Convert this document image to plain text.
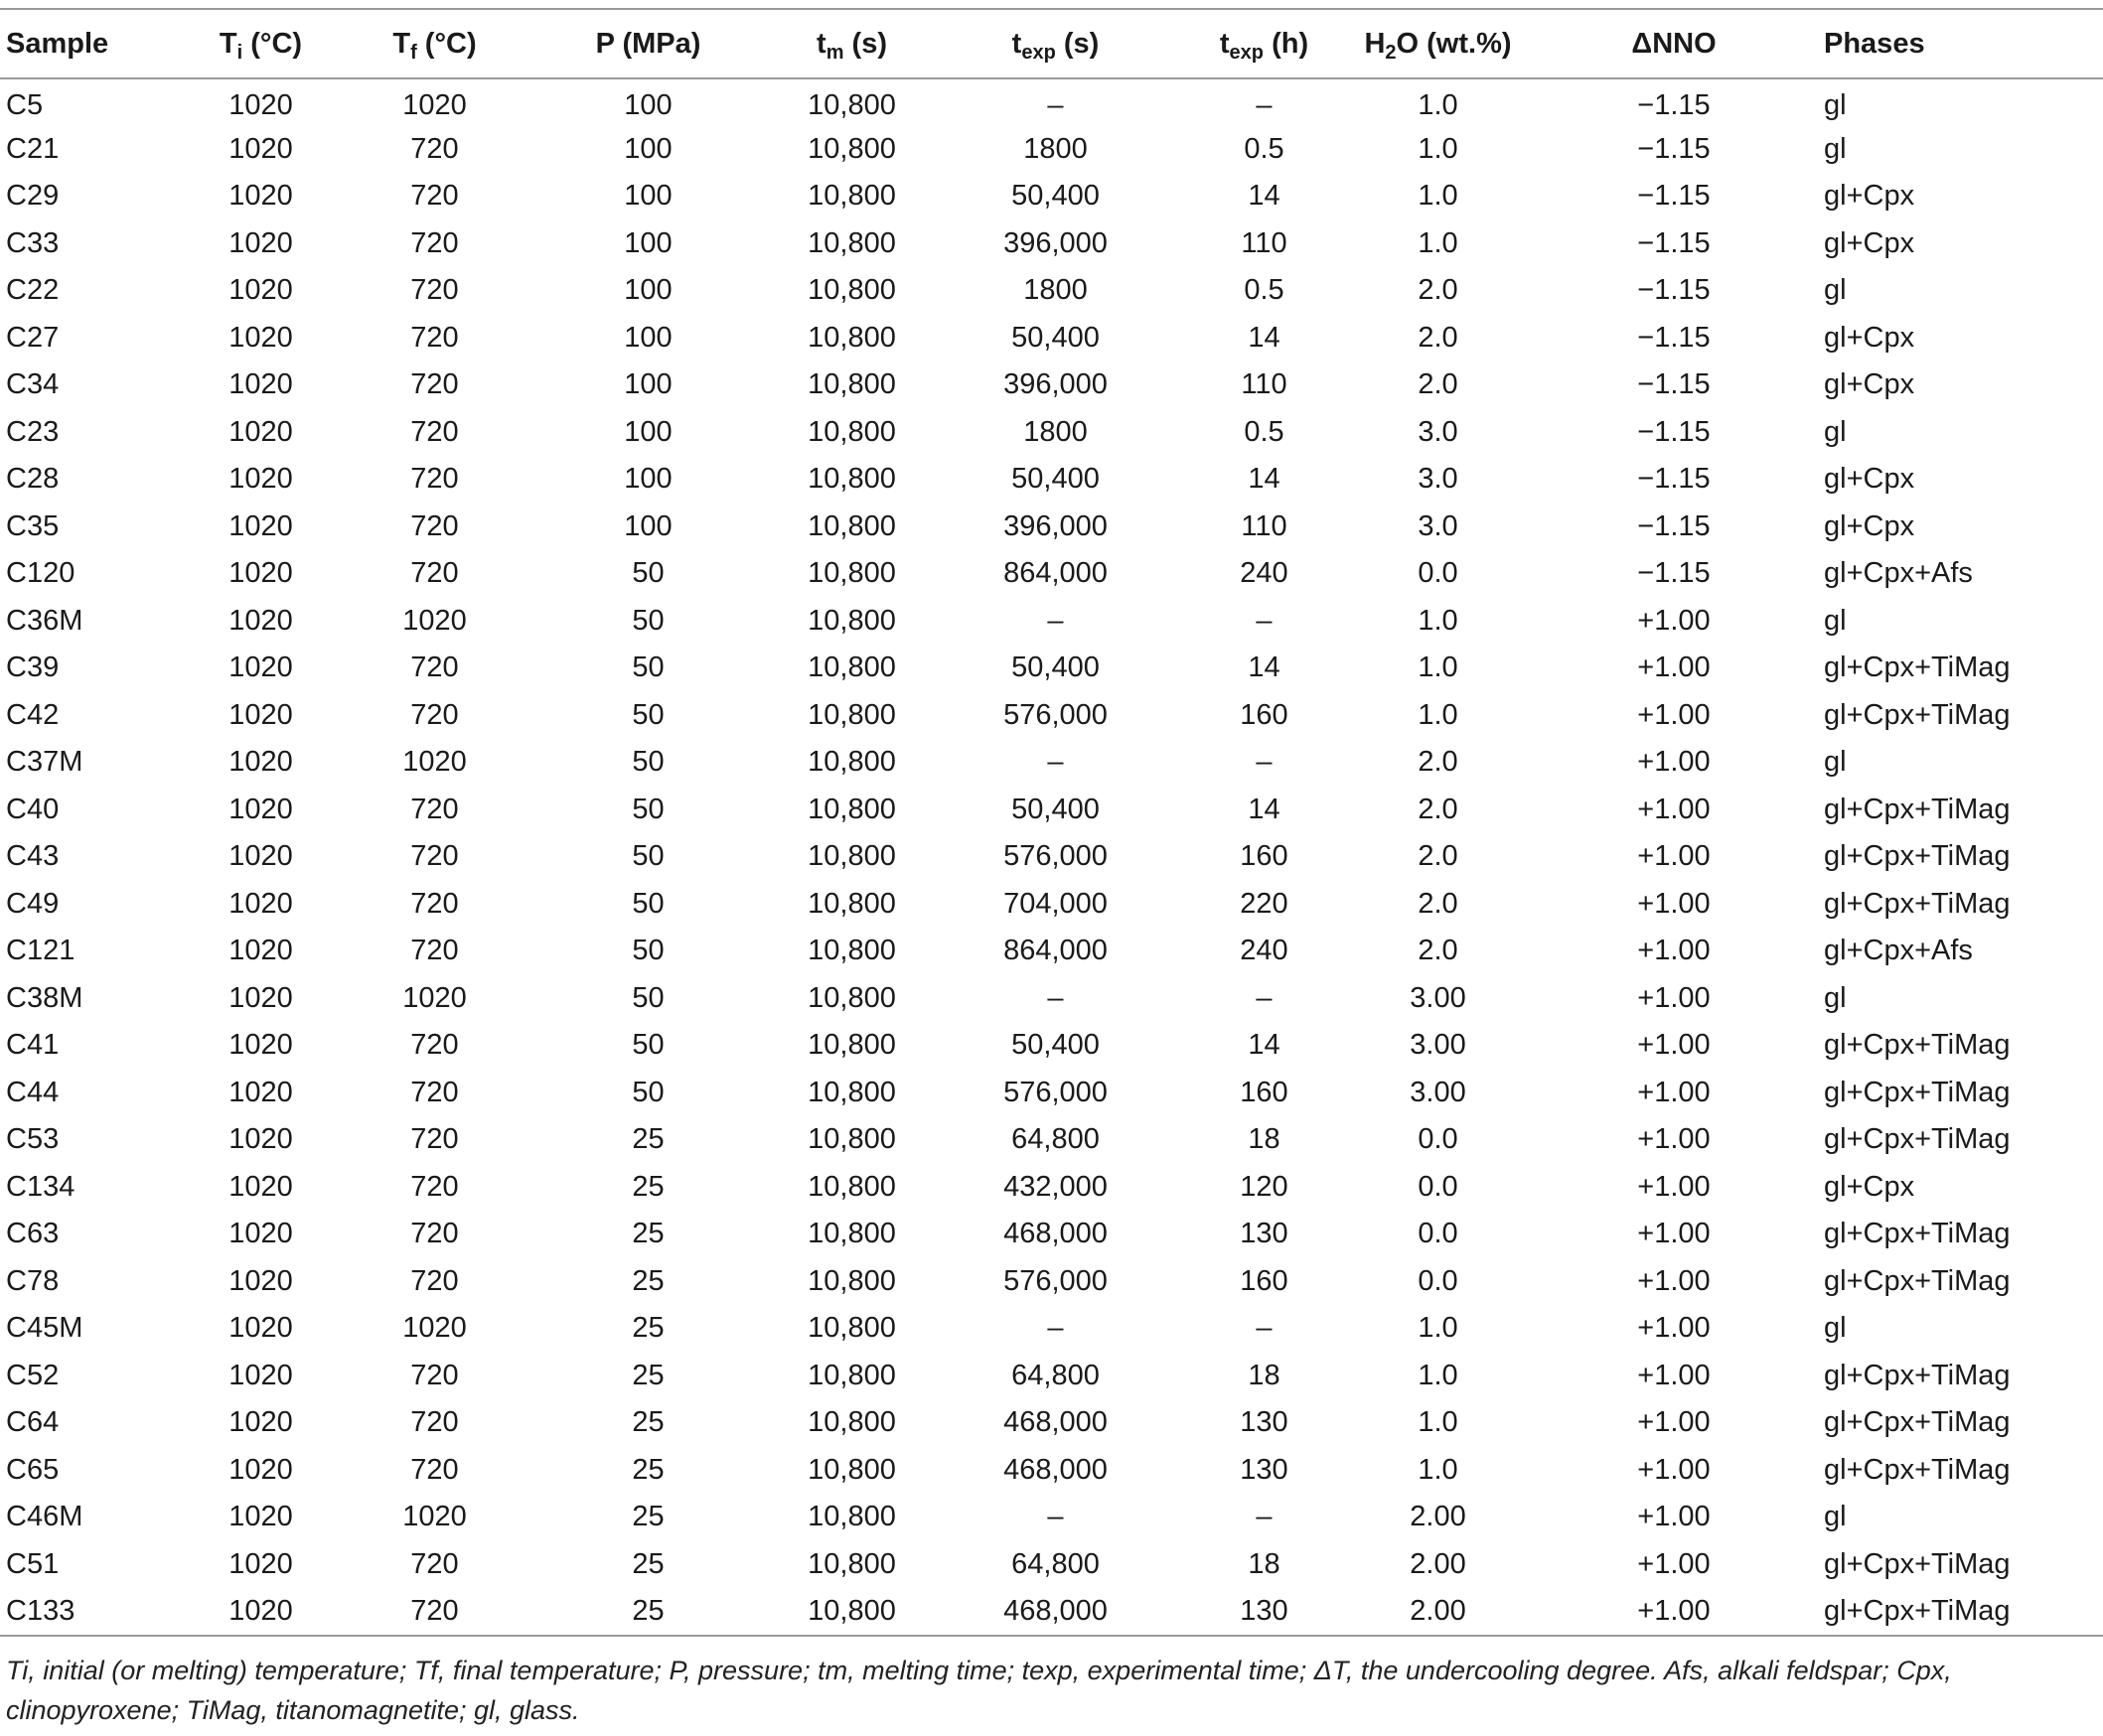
Sample	$T_i$ (°C)	$T_f$ (°C)	P (MPa)	$t_m$ (s)	$t_{exp}$ (s)	$t_{exp}$ (h)	$H_2O$ (wt.%)	ΔNNO	Phases
C5	1020	1020	100	10,800	–	–	1.0	−1.15	gl
C21	1020	720	100	10,800	1800	0.5	1.0	−1.15	gl
C29	1020	720	100	10,800	50,400	14	1.0	−1.15	gl+Cpx
C33	1020	720	100	10,800	396,000	110	1.0	−1.15	gl+Cpx
C22	1020	720	100	10,800	1800	0.5	2.0	−1.15	gl
C27	1020	720	100	10,800	50,400	14	2.0	−1.15	gl+Cpx
C34	1020	720	100	10,800	396,000	110	2.0	−1.15	gl+Cpx
C23	1020	720	100	10,800	1800	0.5	3.0	−1.15	gl
C28	1020	720	100	10,800	50,400	14	3.0	−1.15	gl+Cpx
C35	1020	720	100	10,800	396,000	110	3.0	−1.15	gl+Cpx
C120	1020	720	50	10,800	864,000	240	0.0	−1.15	gl+Cpx+Afs
C36M	1020	1020	50	10,800	–	–	1.0	+1.00	gl
C39	1020	720	50	10,800	50,400	14	1.0	+1.00	gl+Cpx+TiMag
C42	1020	720	50	10,800	576,000	160	1.0	+1.00	gl+Cpx+TiMag
C37M	1020	1020	50	10,800	–	–	2.0	+1.00	gl
C40	1020	720	50	10,800	50,400	14	2.0	+1.00	gl+Cpx+TiMag
C43	1020	720	50	10,800	576,000	160	2.0	+1.00	gl+Cpx+TiMag
C49	1020	720	50	10,800	704,000	220	2.0	+1.00	gl+Cpx+TiMag
C121	1020	720	50	10,800	864,000	240	2.0	+1.00	gl+Cpx+Afs
C38M	1020	1020	50	10,800	–	–	3.00	+1.00	gl
C41	1020	720	50	10,800	50,400	14	3.00	+1.00	gl+Cpx+TiMag
C44	1020	720	50	10,800	576,000	160	3.00	+1.00	gl+Cpx+TiMag
C53	1020	720	25	10,800	64,800	18	0.0	+1.00	gl+Cpx+TiMag
C134	1020	720	25	10,800	432,000	120	0.0	+1.00	gl+Cpx
C63	1020	720	25	10,800	468,000	130	0.0	+1.00	gl+Cpx+TiMag
C78	1020	720	25	10,800	576,000	160	0.0	+1.00	gl+Cpx+TiMag
C45M	1020	1020	25	10,800	–	–	1.0	+1.00	gl
C52	1020	720	25	10,800	64,800	18	1.0	+1.00	gl+Cpx+TiMag
C64	1020	720	25	10,800	468,000	130	1.0	+1.00	gl+Cpx+TiMag
C65	1020	720	25	10,800	468,000	130	1.0	+1.00	gl+Cpx+TiMag
C46M	1020	1020	25	10,800	–	–	2.00	+1.00	gl
C51	1020	720	25	10,800	64,800	18	2.00	+1.00	gl+Cpx+TiMag
C133	1020	720	25	10,800	468,000	130	2.00	+1.00	gl+Cpx+TiMag
Ti, initial (or melting) temperature; Tf, final temperature; P, pressure; tm, melting time; texp, experimental time; ΔT, the undercooling degree. Afs, alkali feldspar; Cpx, clinopyroxene; TiMag, titanomagnetite; gl, glass.
